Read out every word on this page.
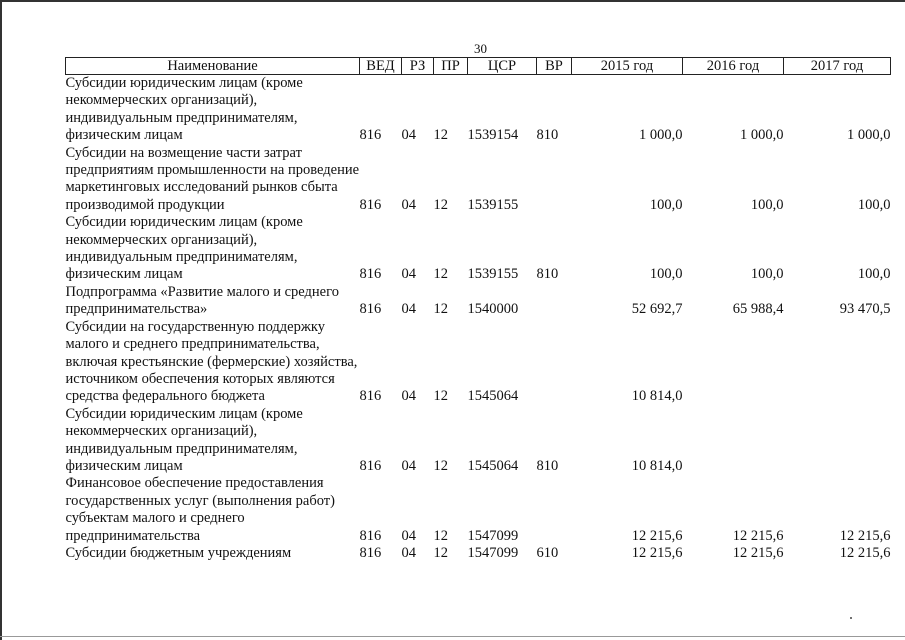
30
Наименование	ВЕД	РЗ	ПР	ЦСР	ВР	2015 год	2016 год	2017 год
Субсидии юридическим лицам (кроме некоммерческих организаций), индивидуальным предпринимателям, физическим лицам	816	04	12	1539154	810	1 000,0	1 000,0	1 000,0
Субсидии на возмещение части затрат предприятиям промышленности на проведение маркетинговых исследований рынков сбыта производимой продукции	816	04	12	1539155		100,0	100,0	100,0
Субсидии юридическим лицам (кроме некоммерческих организаций), индивидуальным предпринимателям, физическим лицам	816	04	12	1539155	810	100,0	100,0	100,0
Подпрограмма «Развитие малого и среднего предпринимательства»	816	04	12	1540000		52 692,7	65 988,4	93 470,5
Субсидии на государственную поддержку малого и среднего предпринимательства, включая крестьянские (фермерские) хозяйства, источником обеспечения которых являются средства федерального бюджета	816	04	12	1545064		10 814,0		
Субсидии юридическим лицам (кроме некоммерческих организаций), индивидуальным предпринимателям, физическим лицам	816	04	12	1545064	810	10 814,0		
Финансовое обеспечение предоставления государственных услуг (выполнения работ) субъектам малого и среднего предпринимательства	816	04	12	1547099		12 215,6	12 215,6	12 215,6
Субсидии бюджетным учреждениям	816	04	12	1547099	610	12 215,6	12 215,6	12 215,6
